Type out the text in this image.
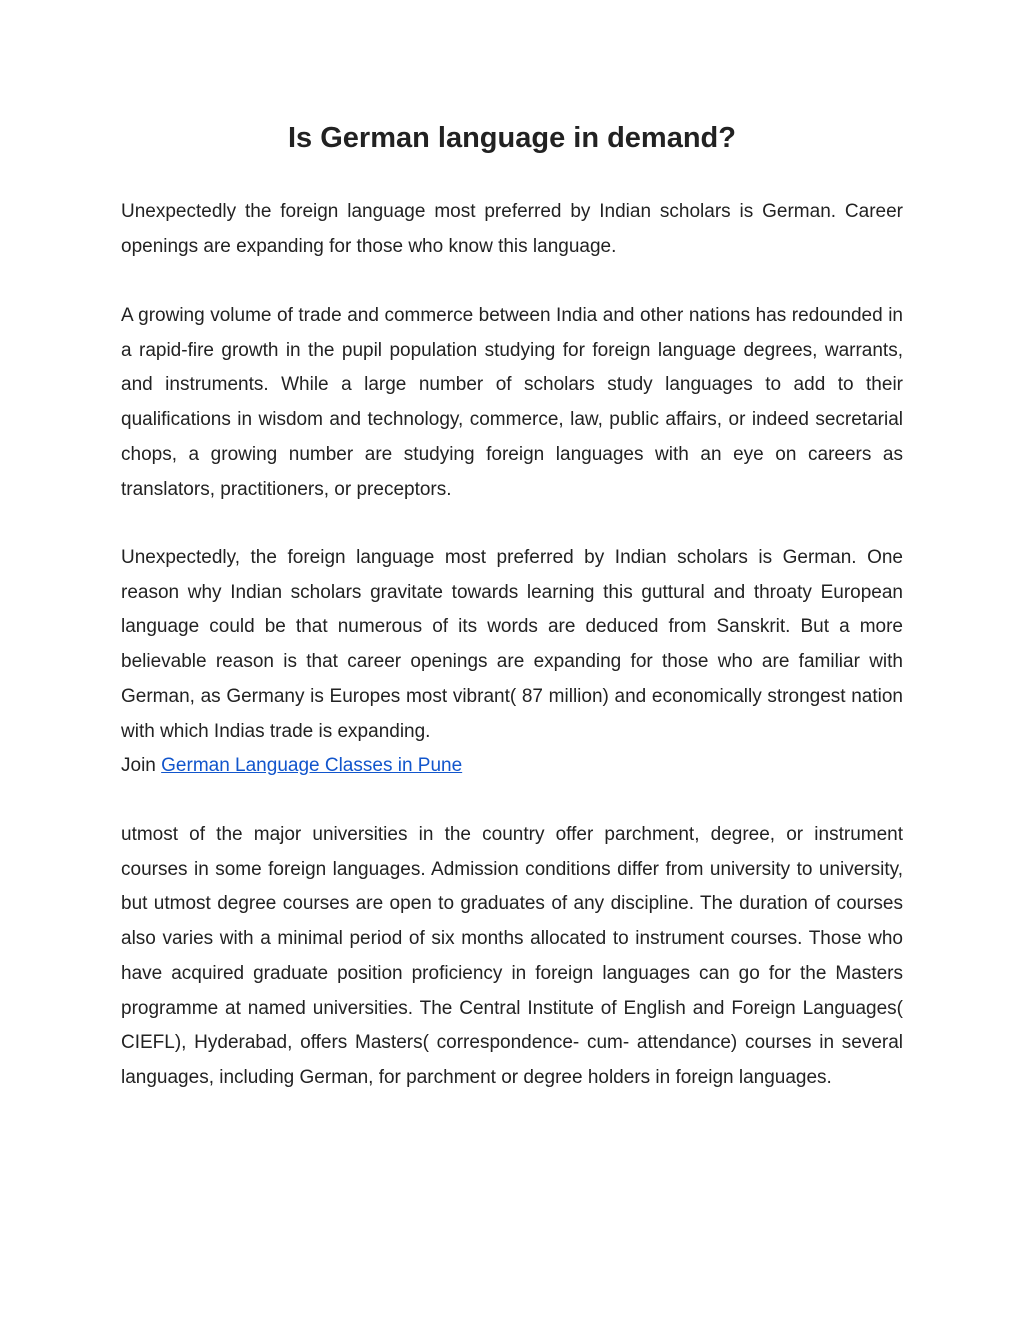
Is German language in demand?

Unexpectedly the foreign language most preferred by Indian scholars is German. Career openings are expanding for those who know this language.

A growing volume of trade and commerce between India and other nations has redounded in a rapid-fire growth in the pupil population studying for foreign language degrees, warrants, and instruments. While a large number of scholars study languages to add to their qualifications in wisdom and technology, commerce, law, public affairs, or indeed secretarial chops, a growing number are studying foreign languages with an eye on careers as translators, practitioners, or preceptors.

Unexpectedly, the foreign language most preferred by Indian scholars is German. One reason why Indian scholars gravitate towards learning this guttural and throaty European language could be that numerous of its words are deduced from Sanskrit. But a more believable reason is that career openings are expanding for those who are familiar with German, as Germany is Europes most vibrant( 87 million) and economically strongest nation with which Indias trade is expanding.
Join German Language Classes in Pune

utmost of the major universities in the country offer parchment, degree, or instrument courses in some foreign languages. Admission conditions differ from university to university, but utmost degree courses are open to graduates of any discipline. The duration of courses also varies with a minimal period of six months allocated to instrument courses. Those who have acquired graduate position proficiency in foreign languages can go for the Masters programme at named universities. The Central Institute of English and Foreign Languages( CIEFL), Hyderabad, offers Masters( correspondence- cum- attendance) courses in several languages, including German, for parchment or degree holders in foreign languages.
